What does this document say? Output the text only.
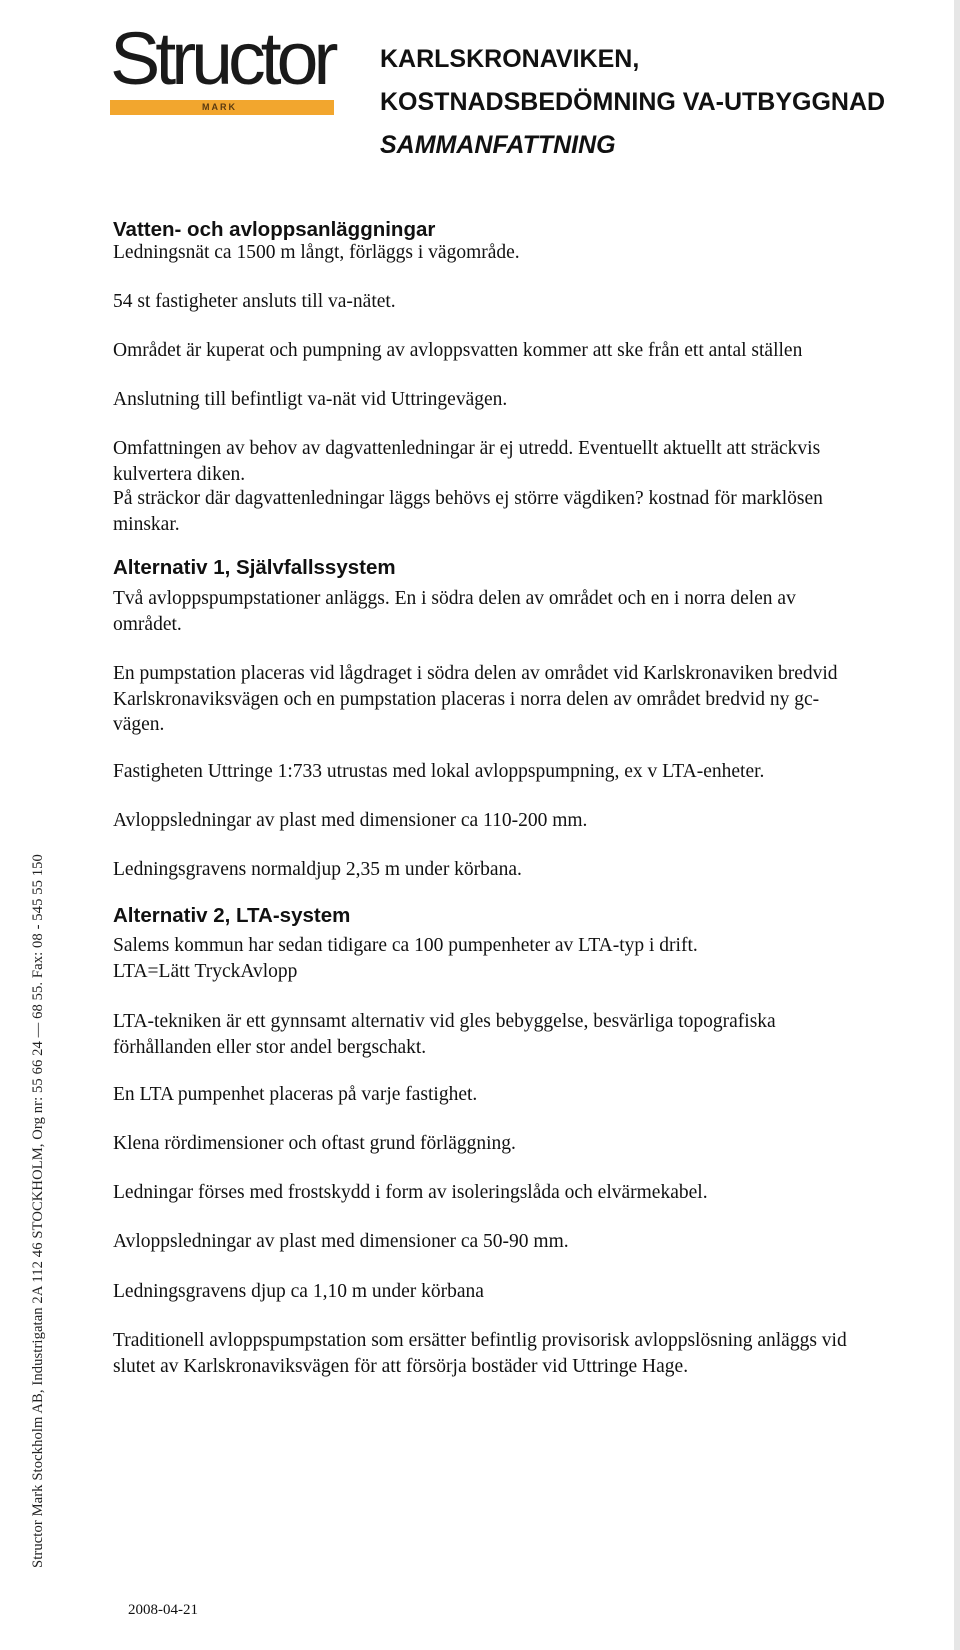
Structor Mark Stockholm AB, Industrigatan 2A 112 46 STOCKHOLM, Org nr: 55 66 24 — 68 55. Fax: 08 - 545 55 150
Structor
MARK
KARLSKRONAVIKEN,
KOSTNADSBEDÖMNING VA-UTBYGGNAD
SAMMANFATTNING
Vatten- och avloppsanläggningar
Ledningsnät ca 1500 m långt, förläggs i vägområde.
54 st fastigheter ansluts till va-nätet.
Området är kuperat och pumpning av avloppsvatten kommer att ske från ett antal ställen
Anslutning till befintligt va-nät vid Uttringevägen.
Omfattningen av behov av dagvattenledningar är ej utredd. Eventuellt aktuellt att sträckvis
kulvertera diken.
På sträckor där dagvattenledningar läggs behövs ej större vägdiken? kostnad för marklösen
minskar.
Alternativ 1, Självfallssystem
Två avloppspumpstationer anläggs. En i södra delen av området och en i norra delen av
området.
En pumpstation placeras vid lågdraget i södra delen av området vid Karlskronaviken bredvid
Karlskronaviksvägen och en pumpstation placeras i norra delen av området bredvid ny gc-
vägen.
Fastigheten Uttringe 1:733 utrustas med lokal avloppspumpning, ex v LTA-enheter.
Avloppsledningar av plast med dimensioner ca 110-200 mm.
Ledningsgravens normaldjup 2,35 m under körbana.
Alternativ 2, LTA-system
Salems kommun har sedan tidigare ca 100 pumpenheter av LTA-typ i drift.
LTA=Lätt TryckAvlopp
LTA-tekniken är ett gynnsamt alternativ vid gles bebyggelse, besvärliga topografiska
förhållanden eller stor andel bergschakt.
En LTA pumpenhet placeras på varje fastighet.
Klena rördimensioner och oftast grund förläggning.
Ledningar förses med frostskydd i form av isoleringslåda och elvärmekabel.
Avloppsledningar av plast med dimensioner ca 50-90 mm.
Ledningsgravens djup ca 1,10 m under körbana
Traditionell avloppspumpstation som ersätter befintlig provisorisk avloppslösning anläggs vid
slutet av Karlskronaviksvägen för att försörja bostäder vid Uttringe Hage.
2008-04-21
